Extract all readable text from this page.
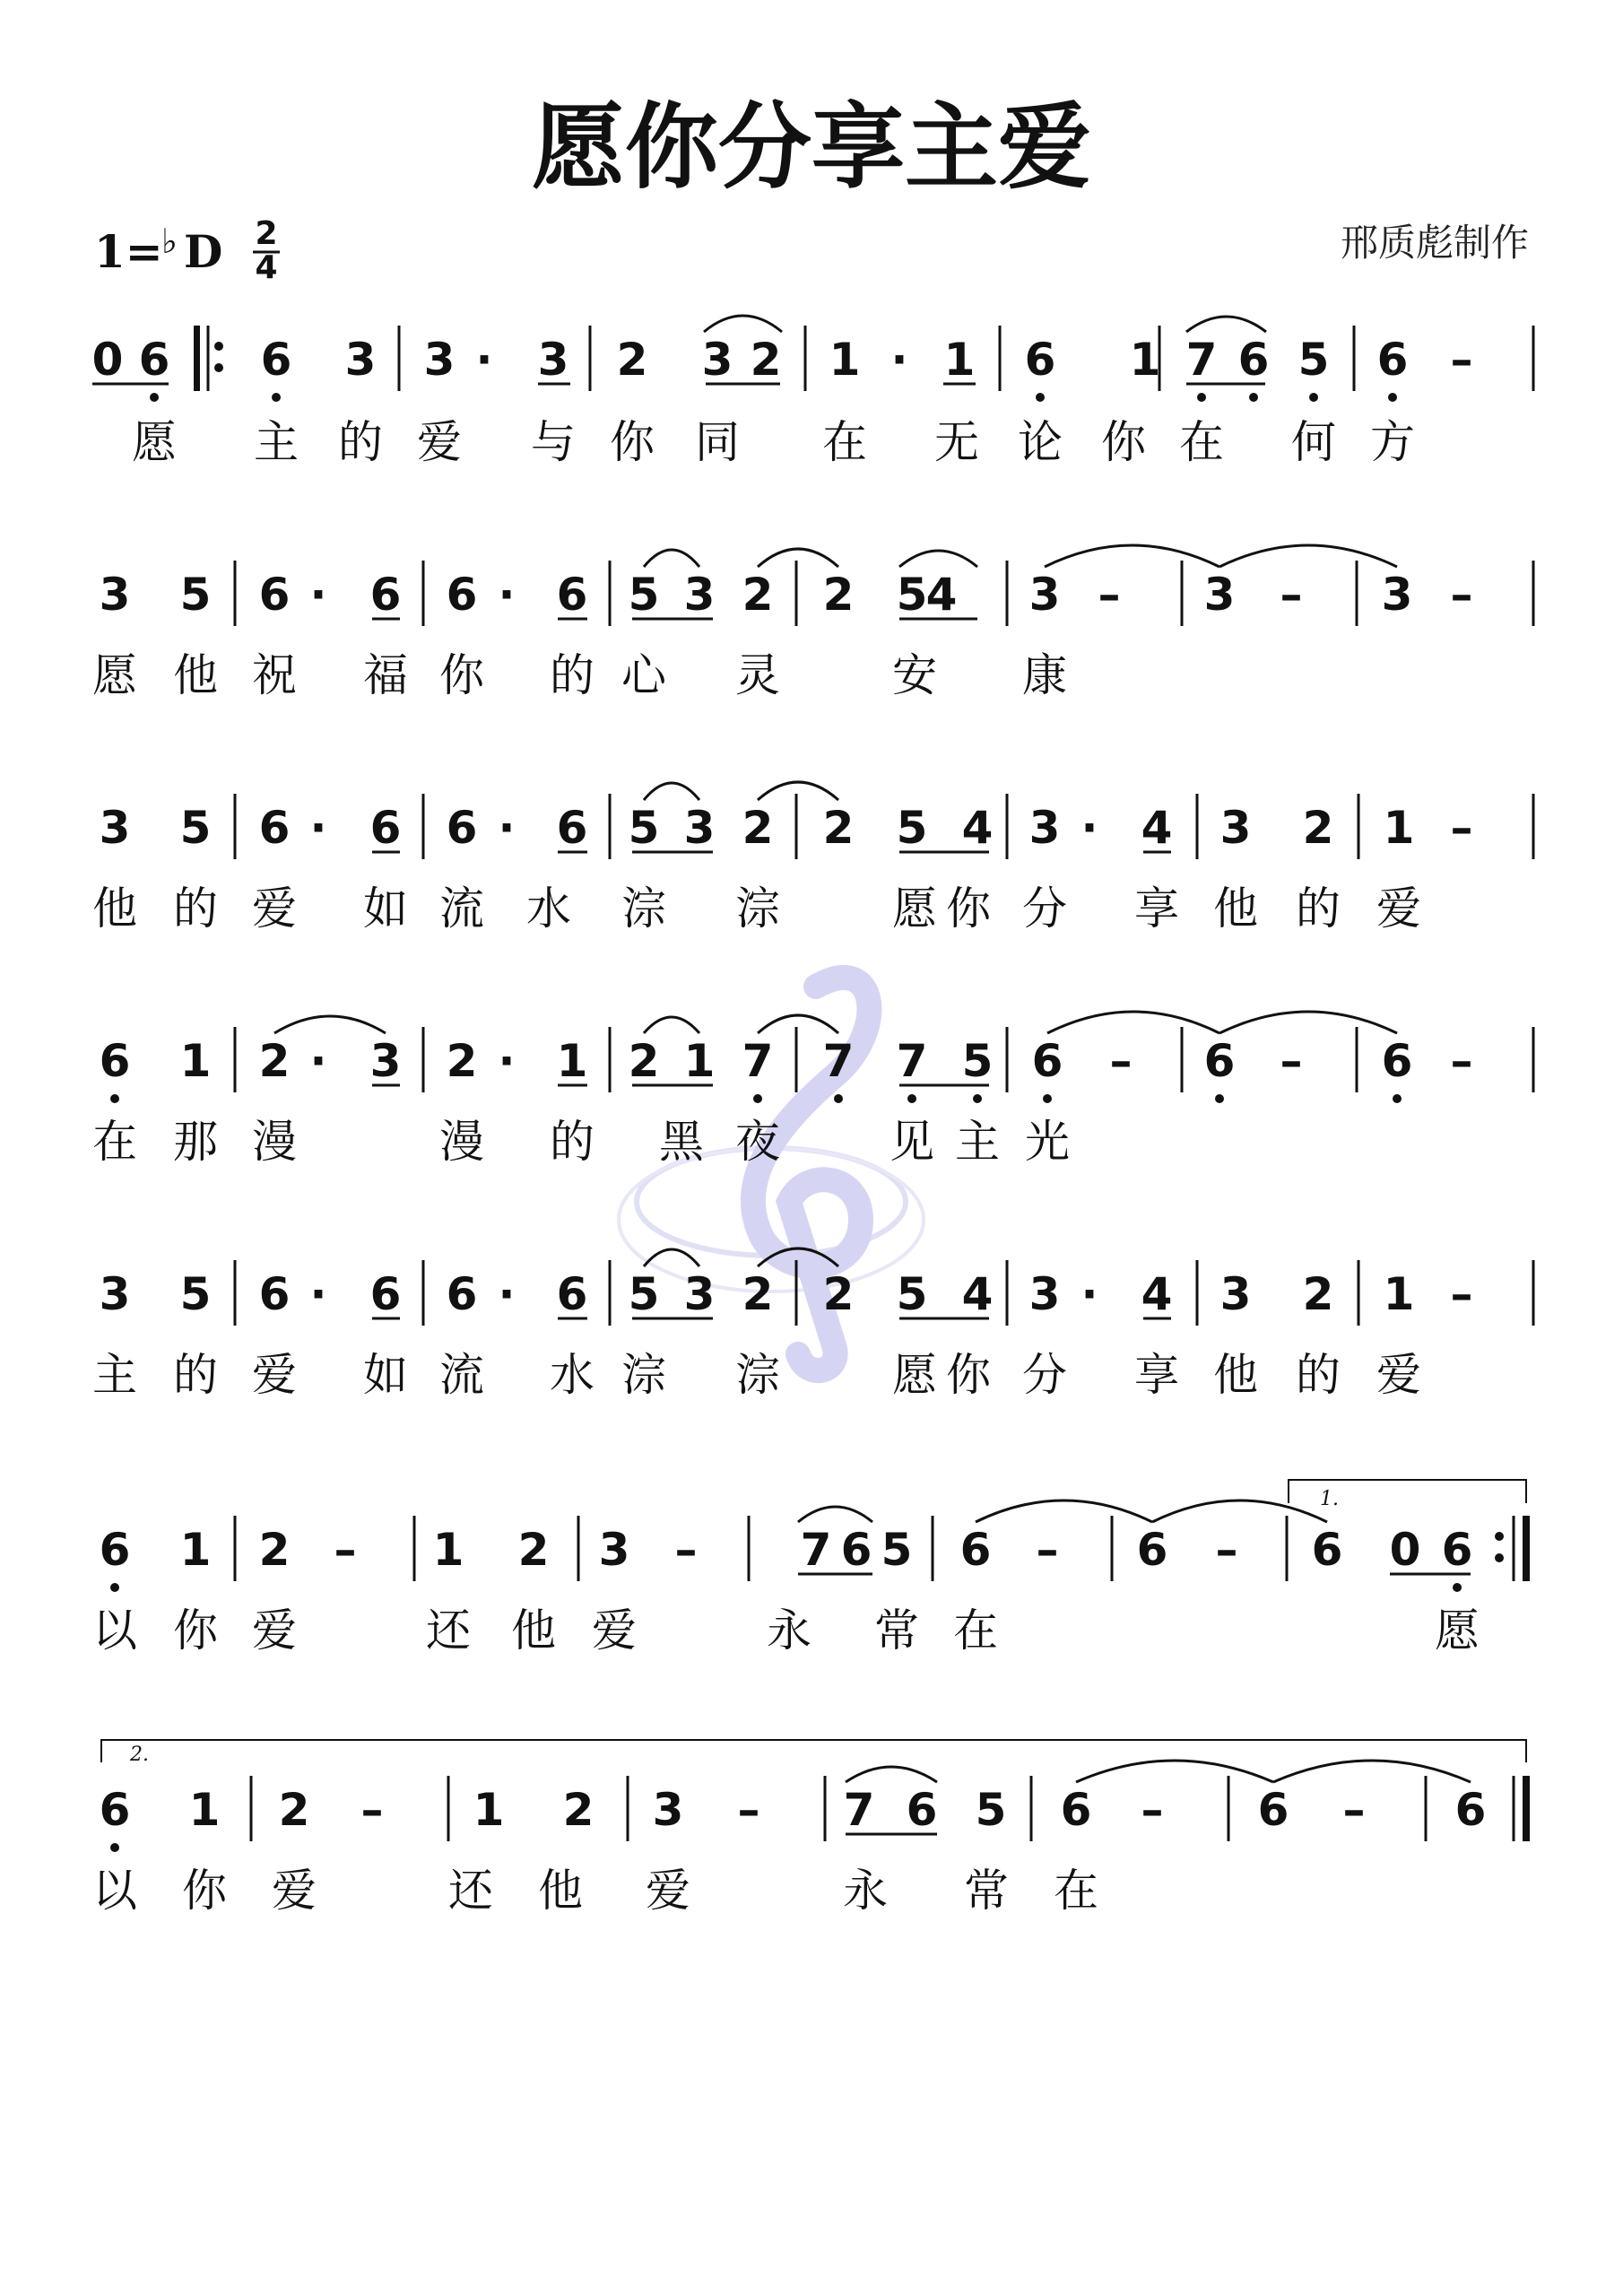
愿你分享主爱
邢质彪制作
1=
♭ D 2
4
0 6 6 3 3 · 3 2 3 2 1 · 1 6 1 7 6 5 6 –
愿 主 的 爱 与 你 同 在 无 论 你 在 何 方
3 5 6 · 6 6 · 6 5 3 2 2 5
4 3 – 3 – 3 –
愿 他 祝 福 你 的 心 灵	安 康
3 5 6 · 6 6 · 6 5 3 2 2 5 4 3 · 4 3 2 1 –
他 的 爱 如 流 水 淙 淙	愿 你 分 享 他 的 爱
6 1 2 · 3 2 · 1 2 1 7 7 7 5 6 – 6 – 6 –
在 那 漫	漫 的 黑 夜 见 主 光
3 5 6 · 6 6 · 6 5 3 2 2 5 4 3 · 4 3 2 1 –
主 的 爱 如 流 水 淙 淙	愿 你 分 享 他 的 爱
6 1 2 – 1 2 3 – 7 6 5 6 – 6 – 6 0 6
以 你 爱	还 他 爱	永 常 在	愿
6 1 2 – 1 2 3 – 7 6 5 6 – 6 – 6
以 你 爱	还 他 爱	永 常 在
1.
2.
